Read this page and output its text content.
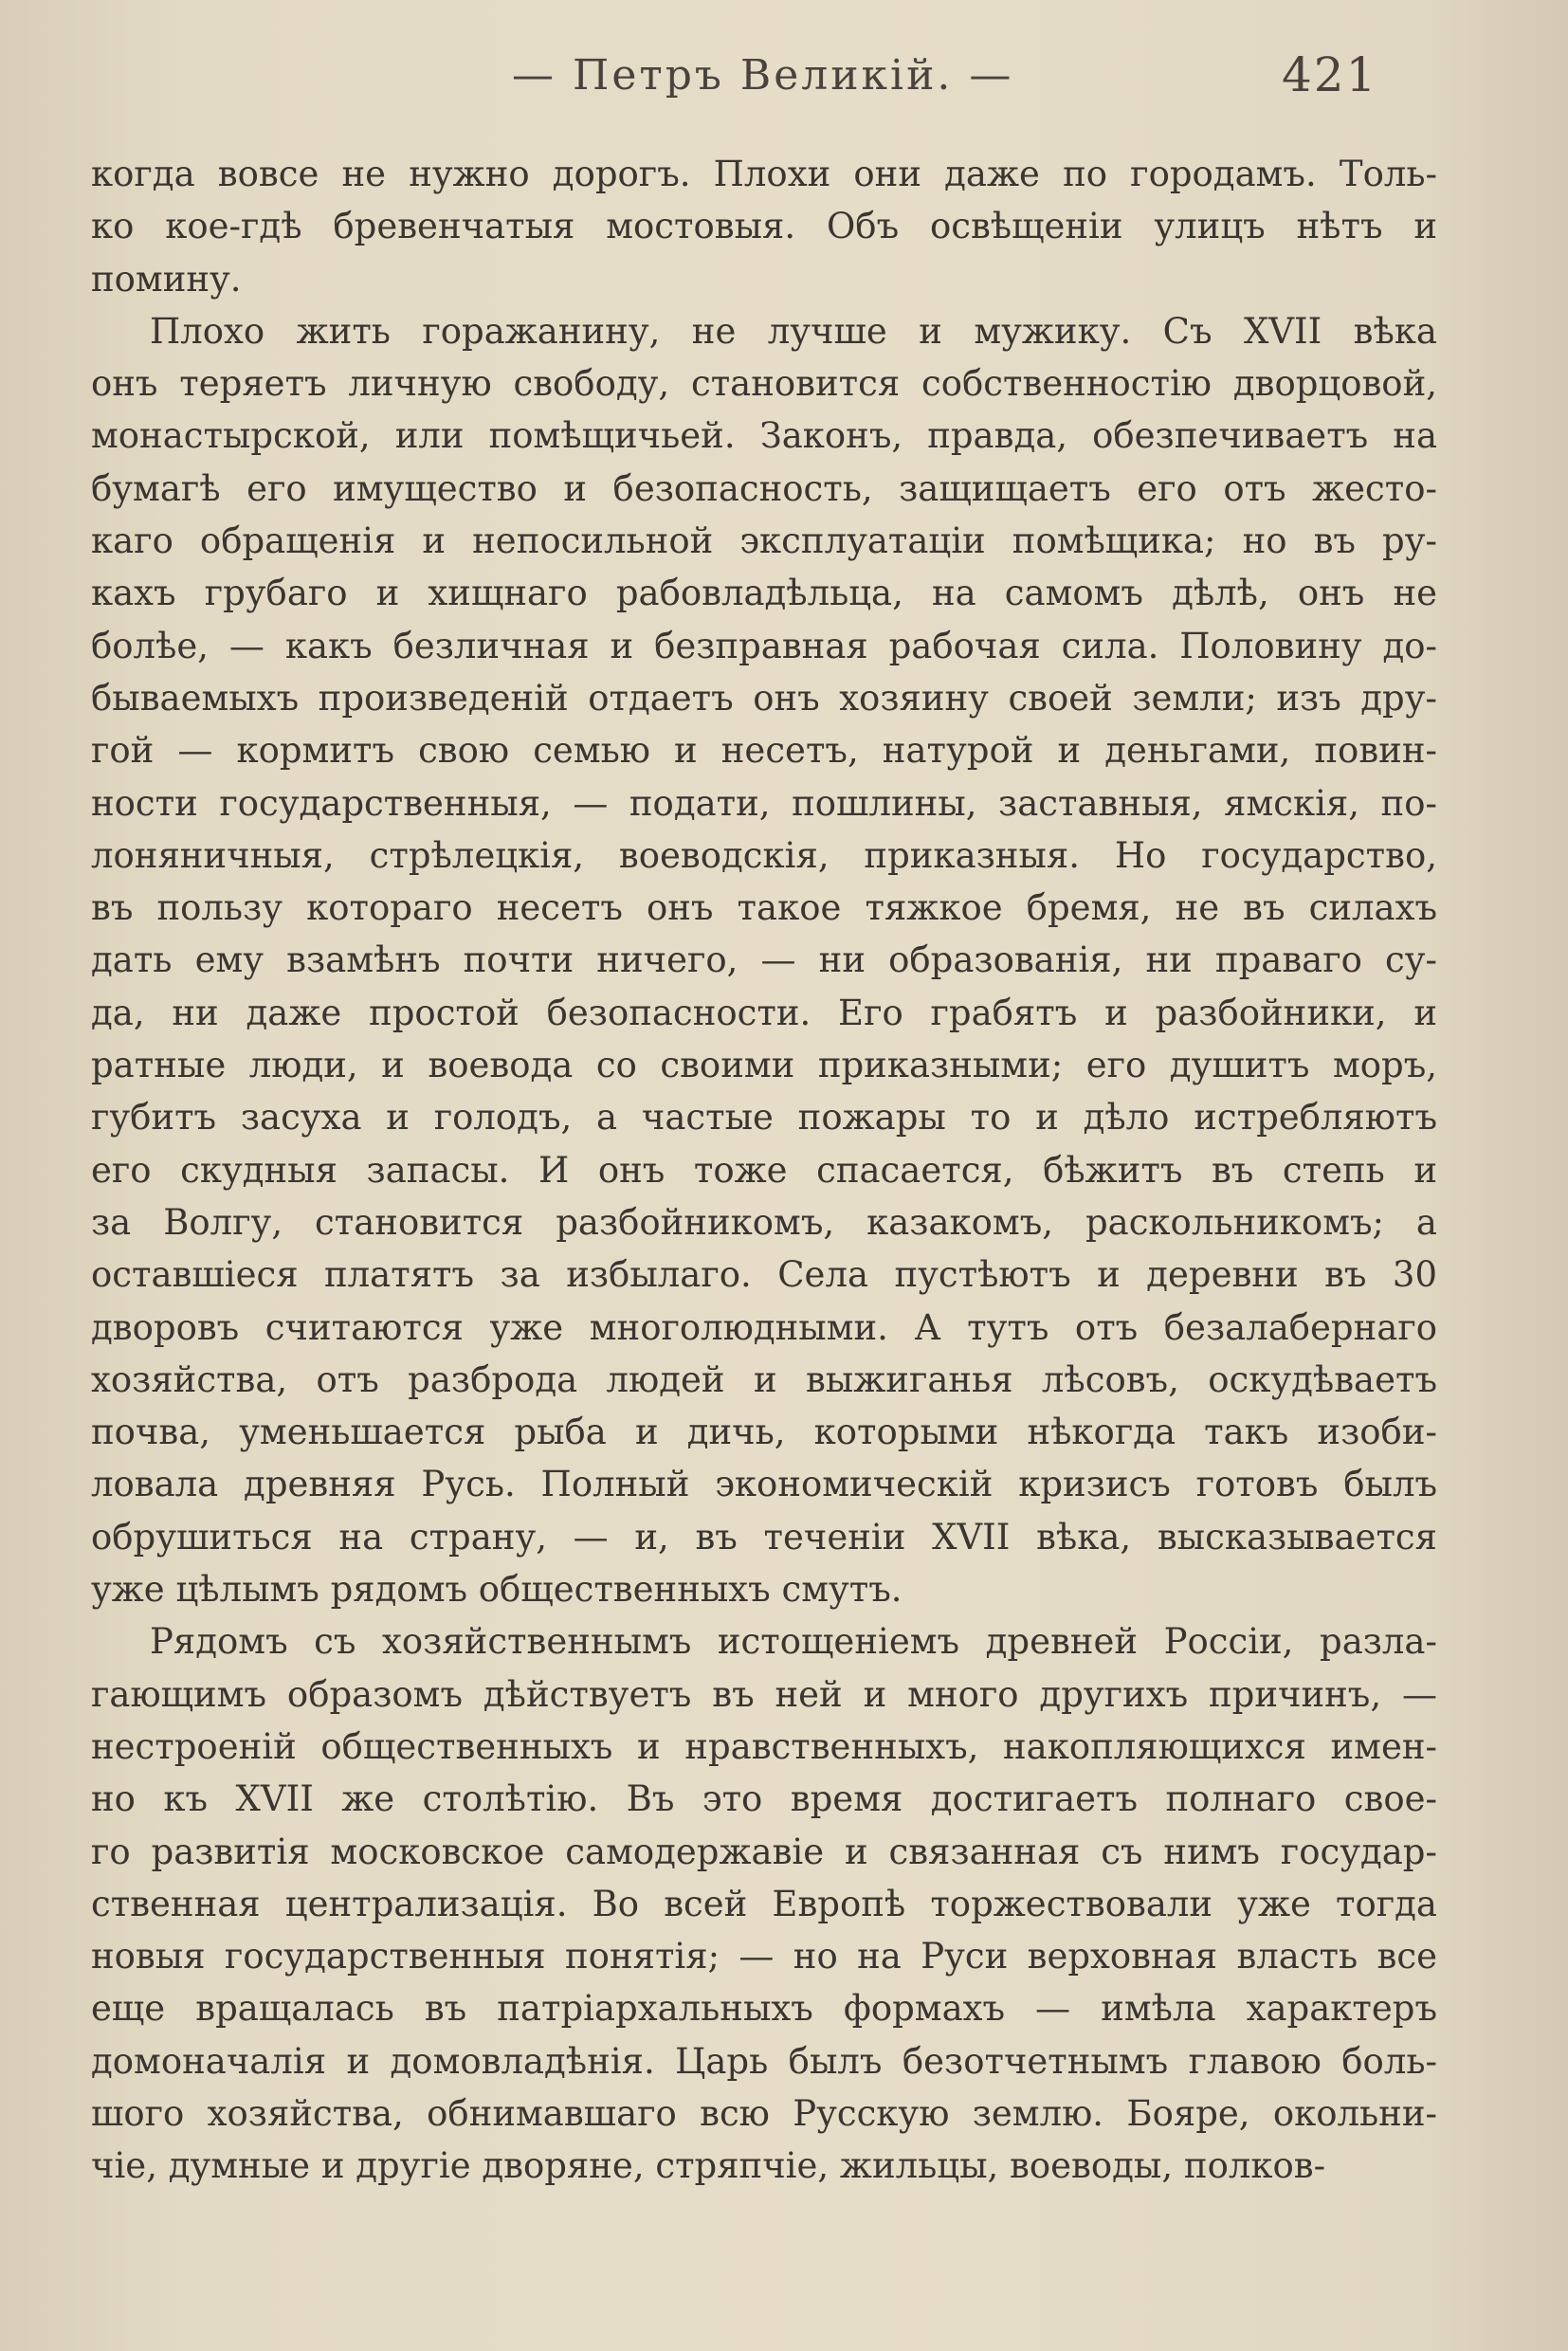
— Петръ Великій. —	421
когда вовсе не нужно дорогъ. Плохи они даже по городамъ. Толь-
ко кое-гдѣ бревенчатыя мостовыя. Объ освѣщеніи улицъ нѣтъ и
помину.
Плохо жить горажанину, не лучше и мужику. Съ XVII вѣка
онъ теряетъ личную свободу, становится собственностію дворцовой,
монастырской, или помѣщичьей. Законъ, правда, обезпечиваетъ на
бумагѣ его имущество и безопасность, защищаетъ его отъ жесто-
каго обращенія и непосильной эксплуатаціи помѣщика; но въ ру-
кахъ грубаго и хищнаго рабовладѣльца, на самомъ дѣлѣ, онъ не
болѣе, — какъ безличная и безправная рабочая сила. Половину до-
бываемыхъ произведеній отдаетъ онъ хозяину своей земли; изъ дру-
гой — кормитъ свою семью и несетъ, натурой и деньгами, повин-
ности государственныя, — подати, пошлины, заставныя, ямскія, по-
лоняничныя, стрѣлецкія, воеводскія, приказныя. Но государство,
въ пользу котораго несетъ онъ такое тяжкое бремя, не въ силахъ
дать ему взамѣнъ почти ничего, — ни образованія, ни праваго су-
да, ни даже простой безопасности. Его грабятъ и разбойники, и
ратные люди, и воевода со своими приказными; его душитъ моръ,
губитъ засуха и голодъ, а частые пожары то и дѣло истребляютъ
его скудныя запасы. И онъ тоже спасается, бѣжитъ въ степь и
за Волгу, становится разбойникомъ, казакомъ, раскольникомъ; а
оставшіеся платятъ за избылаго. Села пустѣютъ и деревни въ 30
дворовъ считаются уже многолюдными. А тутъ отъ безалабернаго
хозяйства, отъ разброда людей и выжиганья лѣсовъ, оскудѣваетъ
почва, уменьшается рыба и дичь, которыми нѣкогда такъ изоби-
ловала древняя Русь. Полный экономическій кризисъ готовъ былъ
обрушиться на страну, — и, въ теченіи XVII вѣка, высказывается
уже цѣлымъ рядомъ общественныхъ смутъ.
Рядомъ съ хозяйственнымъ истощеніемъ древней Россіи, разла-
гающимъ образомъ дѣйствуетъ въ ней и много другихъ причинъ, —
нестроеній общественныхъ и нравственныхъ, накопляющихся имен-
но къ XVII же столѣтію. Въ это время достигаетъ полнаго свое-
го развитія московское самодержавіе и связанная съ нимъ государ-
ственная централизація. Во всей Европѣ торжествовали уже тогда
новыя государственныя понятія; — но на Руси верховная власть все
еще вращалась въ патріархальныхъ формахъ — имѣла характеръ
домоначалія и домовладѣнія. Царь былъ безотчетнымъ главою боль-
шого хозяйства, обнимавшаго всю Русскую землю. Бояре, окольни-
чіе, думные и другіе дворяне, стряпчіе, жильцы, воеводы, полков-
